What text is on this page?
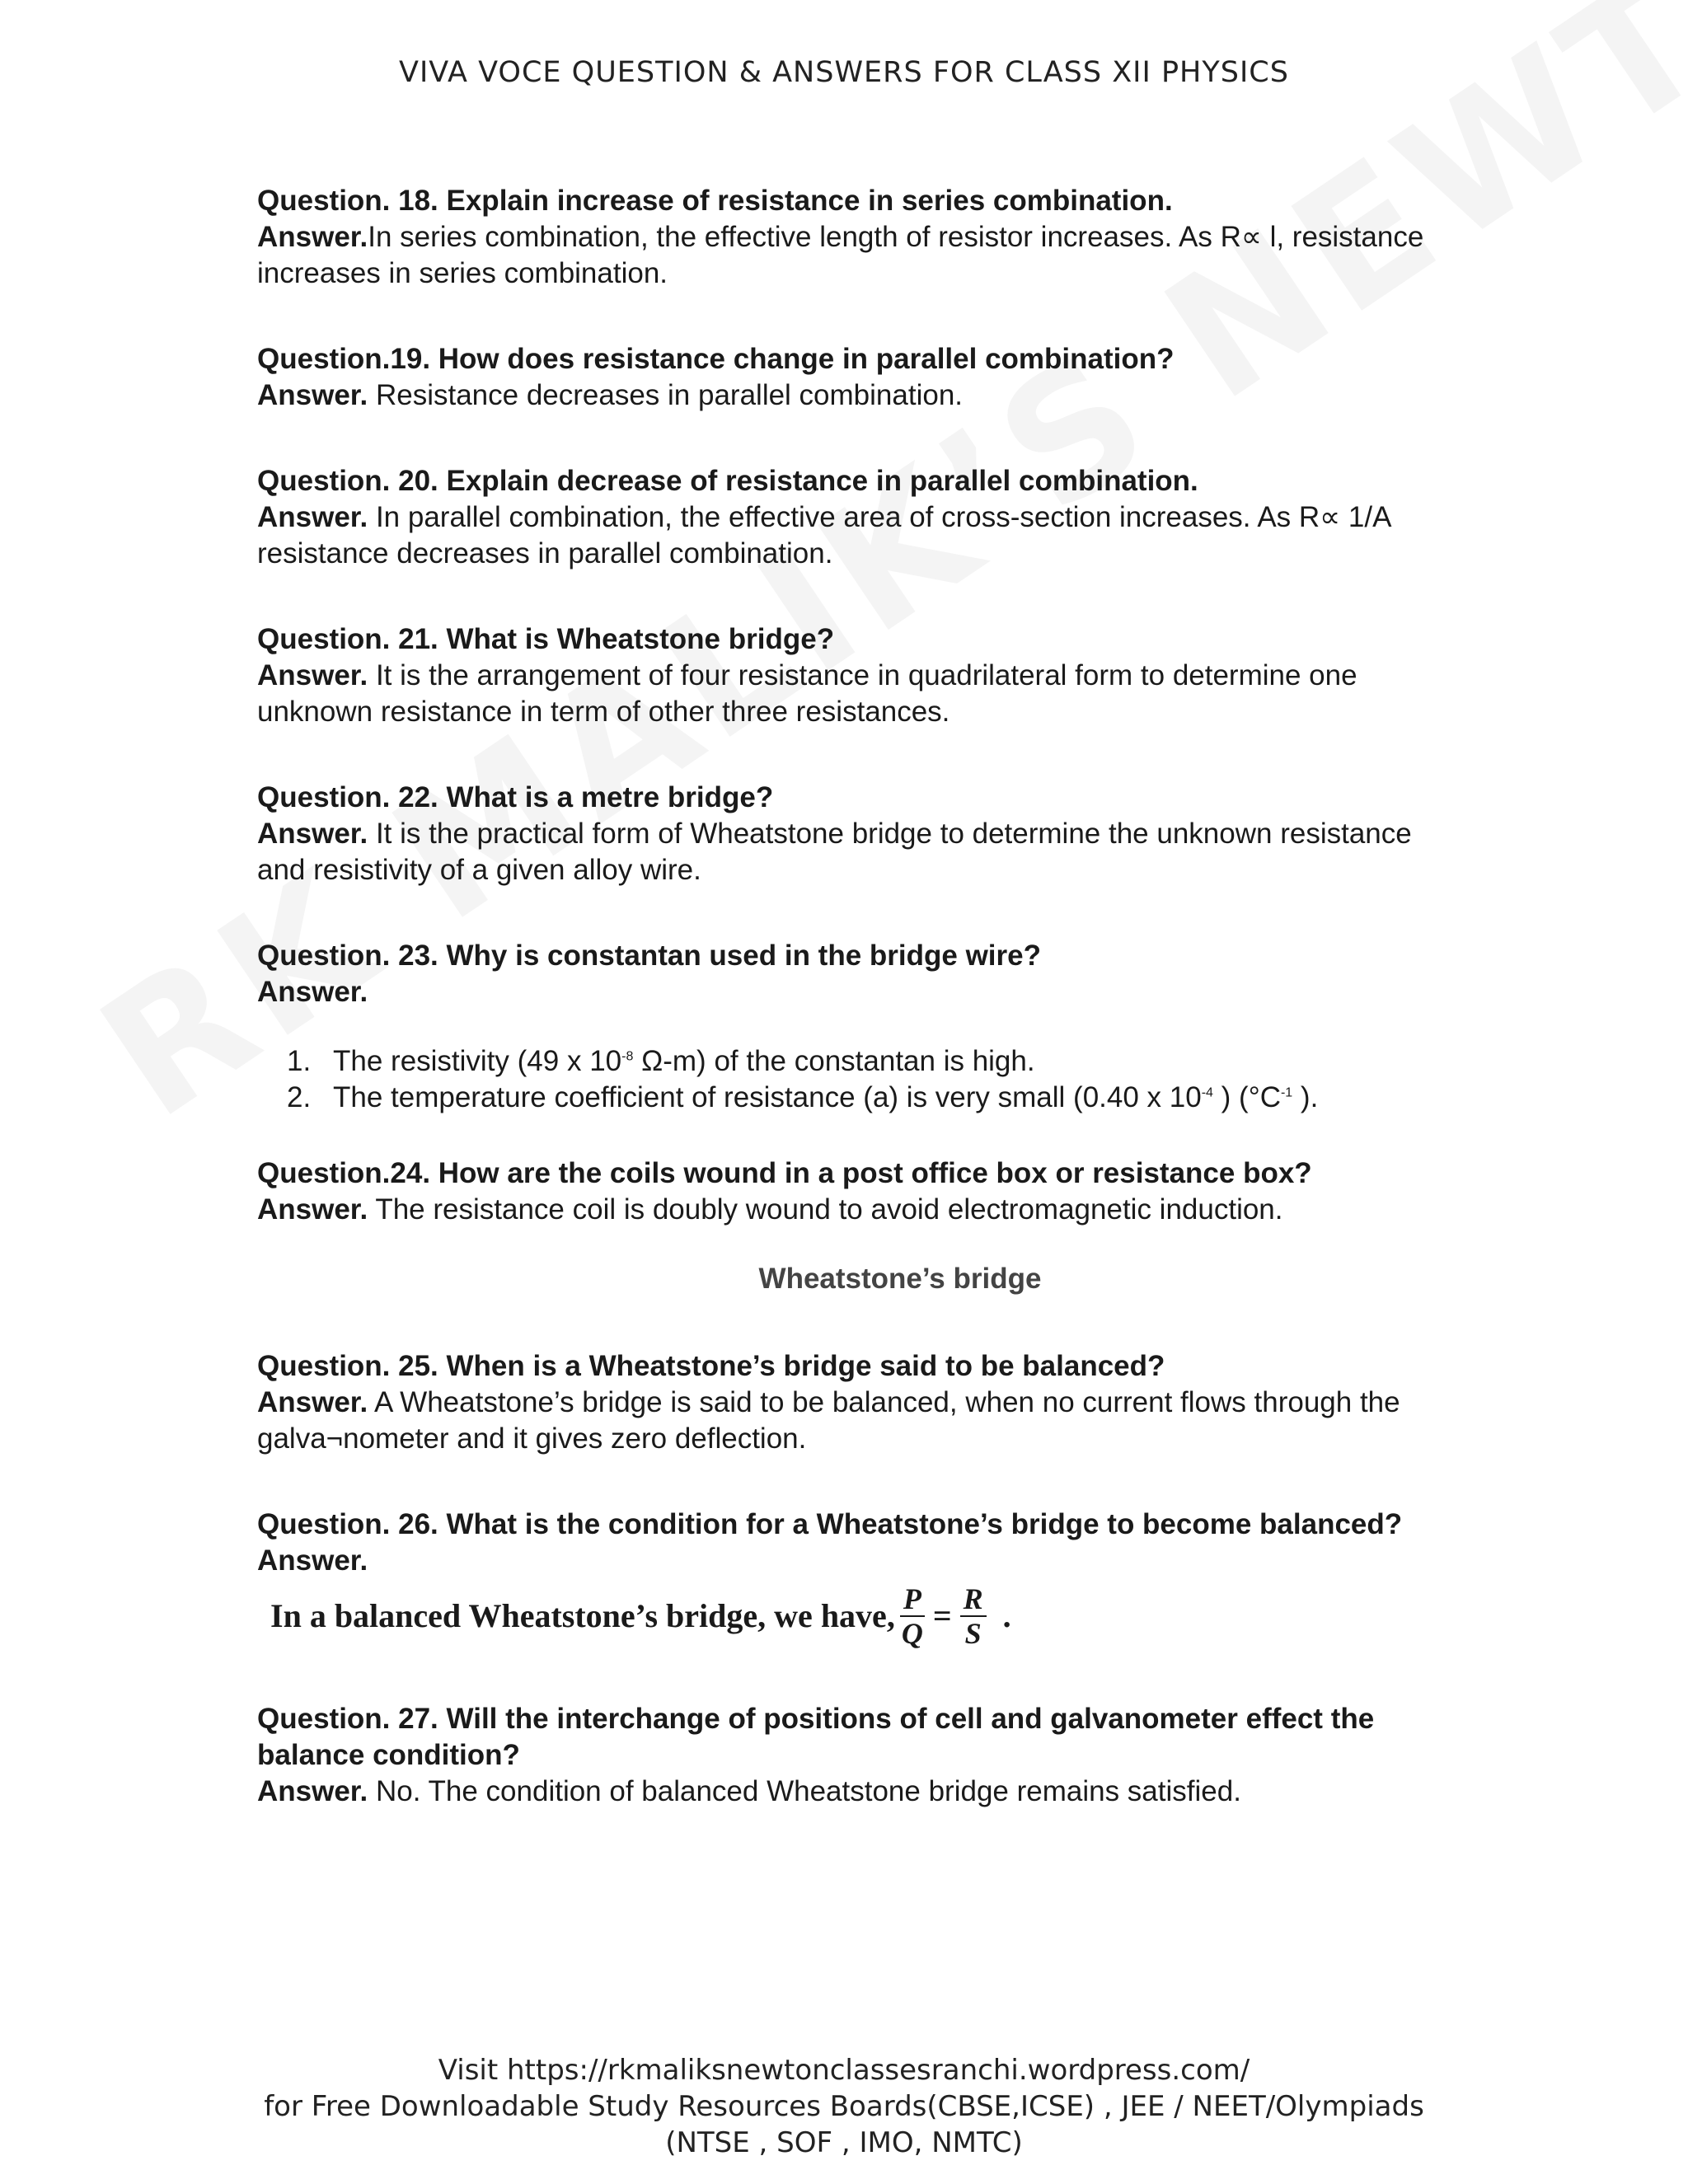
VIVA VOCE QUESTION & ANSWERS FOR CLASS XII PHYSICS
Question. 18. Explain increase of resistance in series combination.
Answer.In series combination, the effective length of resistor increases. As R∝ l, resistance increases in series combination.
Question.19. How does resistance change in parallel combination?
Answer. Resistance decreases in parallel combination.
Question. 20. Explain decrease of resistance in parallel combination.
Answer. In parallel combination, the effective area of cross-section increases. As R∝ 1/A resistance decreases in parallel combination.
Question. 21. What is Wheatstone bridge?
Answer. It is the arrangement of four resistance in quadrilateral form to determine one unknown resistance in term of other three resistances.
Question. 22. What is a metre bridge?
Answer. It is the practical form of Wheatstone bridge to determine the unknown resistance and resistivity of a given alloy wire.
Question. 23. Why is constantan used in the bridge wire?
Answer.
1. The resistivity (49 x $10^{-8}$ Ω-m) of the constantan is high.
2. The temperature coefficient of resistance (a) is very small (0.40 x $10^{-4}$ ) ($^\circ C^{-1}$ ).
Question.24. How are the coils wound in a post office box or resistance box?
Answer. The resistance coil is doubly wound to avoid electromagnetic induction.
Wheatstone’s bridge
Question. 25. When is a Wheatstone’s bridge said to be balanced?
Answer. A Wheatstone’s bridge is said to be balanced, when no current flows through the galva¬nometer and it gives zero deflection.
Question. 26. What is the condition for a Wheatstone’s bridge to become balanced?
Answer.
In a balanced Wheatstone’s bridge, we have, $\frac{P}{Q} = \frac{R}{S}$ .
Question. 27. Will the interchange of positions of cell and galvanometer effect the balance condition?
Answer. No. The condition of balanced Wheatstone bridge remains satisfied.
Visit https://rkmaliksnewtonclassesranchi.wordpress.com/
for Free Downloadable Study Resources Boards(CBSE,ICSE) , JEE / NEET/Olympiads
(NTSE , SOF , IMO, NMTC)
